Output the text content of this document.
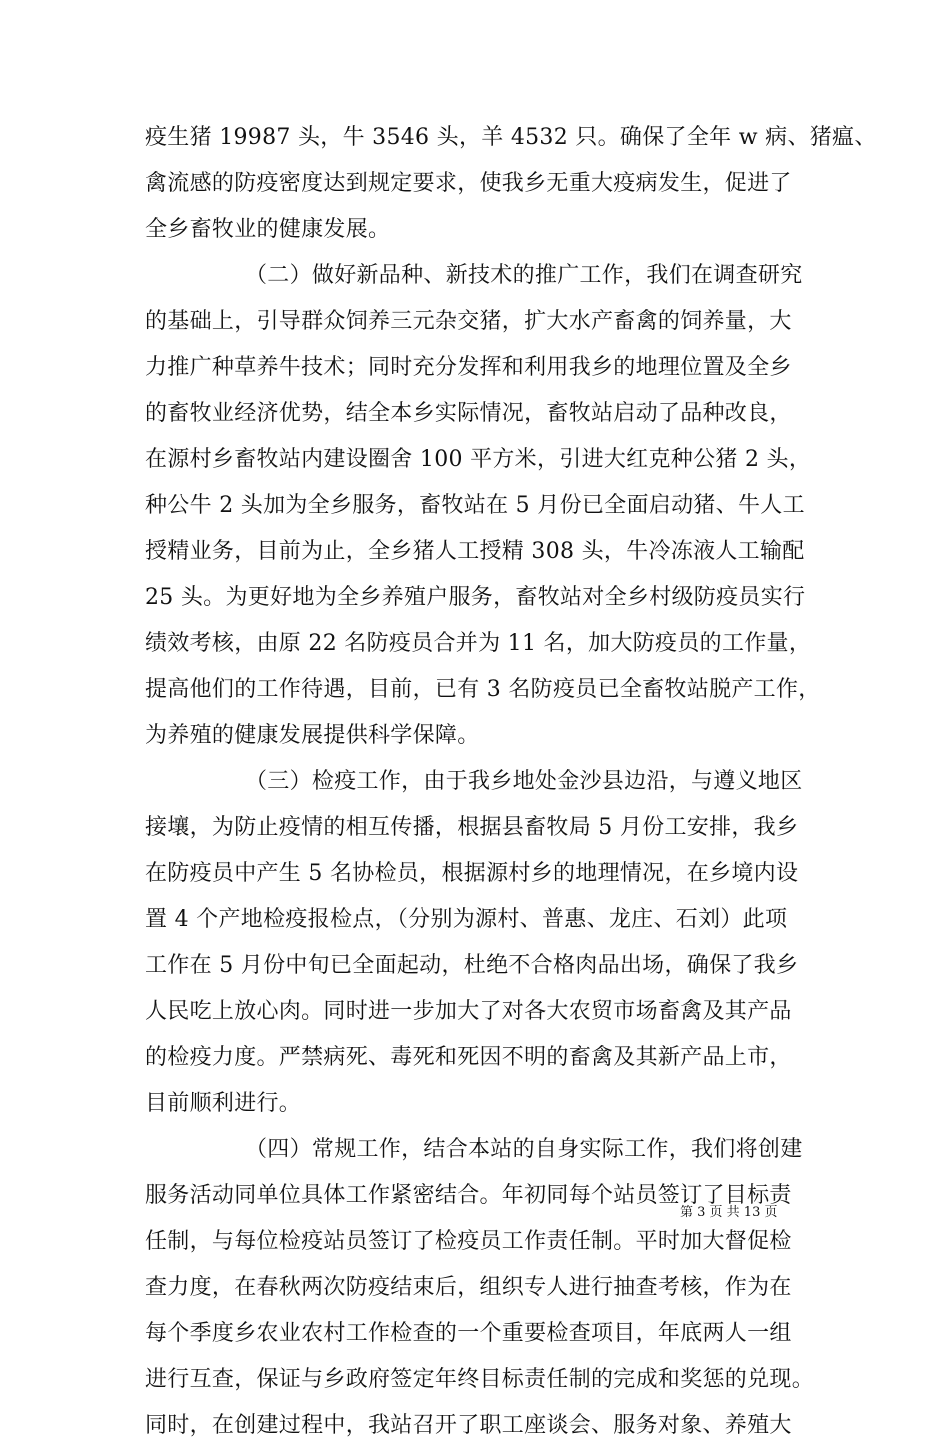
疫生猪 19987 头，牛 3546 头，羊 4532 只。确保了全年 w 病、猪瘟、
禽流感的防疫密度达到规定要求，使我乡无重大疫病发生，促进了
全乡畜牧业的健康发展。
（二）做好新品种、新技术的推广工作，我们在调查研究
的基础上，引导群众饲养三元杂交猪，扩大水产畜禽的饲养量，大
力推广种草养牛技术；同时充分发挥和利用我乡的地理位置及全乡
的畜牧业经济优势，结全本乡实际情况，畜牧站启动了品种改良，
在源村乡畜牧站内建设圈舍 100 平方米，引进大红克种公猪 2 头，
种公牛 2 头加为全乡服务，畜牧站在 5 月份已全面启动猪、牛人工
授精业务，目前为止，全乡猪人工授精 308 头，牛冷冻液人工输配
25 头。为更好地为全乡养殖户服务，畜牧站对全乡村级防疫员实行
绩效考核，由原 22 名防疫员合并为 11 名，加大防疫员的工作量，
提高他们的工作待遇，目前，已有 3 名防疫员已全畜牧站脱产工作，
为养殖的健康发展提供科学保障。
（三）检疫工作，由于我乡地处金沙县边沿，与遵义地区
接壤，为防止疫情的相互传播，根据县畜牧局 5 月份工安排，我乡
在防疫员中产生 5 名协检员，根据源村乡的地理情况，在乡境内设
置 4 个产地检疫报检点，（分别为源村、普惠、龙庄、石刘）此项
工作在 5 月份中旬已全面起动，杜绝不合格肉品出场，确保了我乡
人民吃上放心肉。同时进一步加大了对各大农贸市场畜禽及其产品
的检疫力度。严禁病死、毒死和死因不明的畜禽及其新产品上市，
目前顺利进行。
（四）常规工作，结合本站的自身实际工作，我们将创建
服务活动同单位具体工作紧密结合。年初同每个站员签订了目标责
任制，与每位检疫站员签订了检疫员工作责任制。平时加大督促检
查力度，在春秋两次防疫结束后，组织专人进行抽查考核，作为在
每个季度乡农业农村工作检查的一个重要检查项目，年底两人一组
进行互查，保证与乡政府签定年终目标责任制的完成和奖惩的兑现。
同时，在创建过程中，我站召开了职工座谈会、服务对象、养殖大
第 3 页 共 13 页
